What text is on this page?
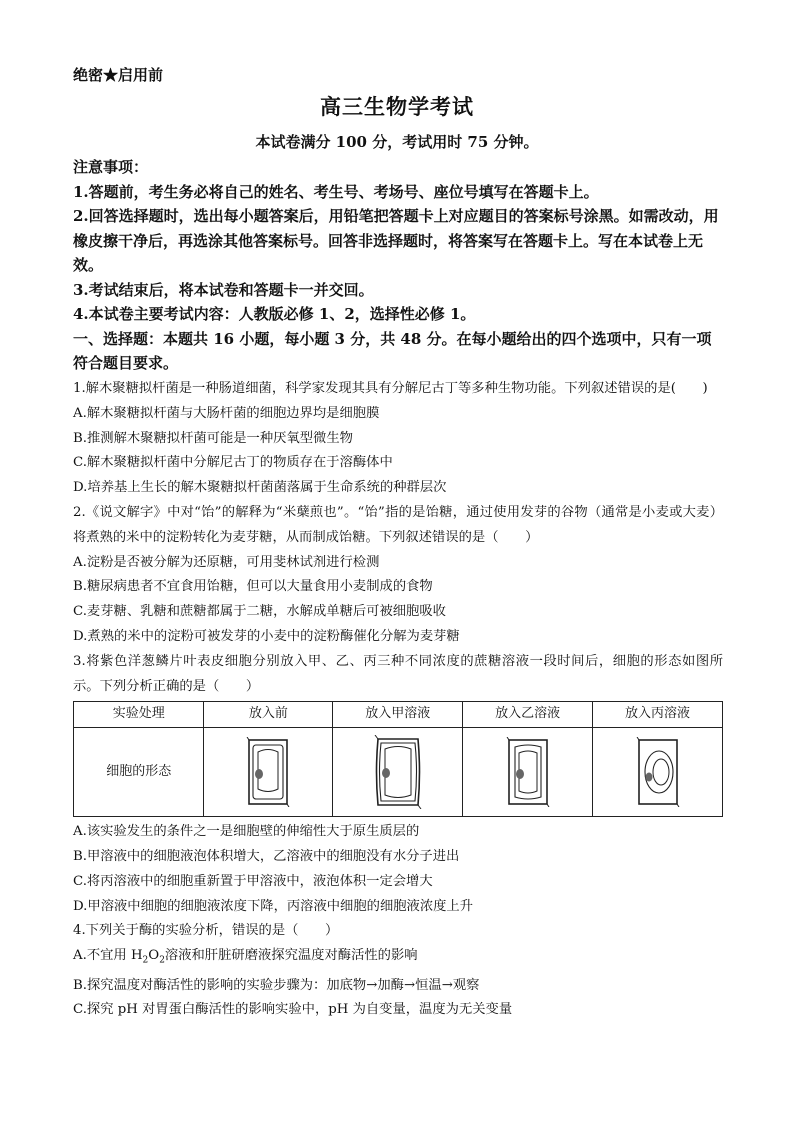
绝密★启用前
高三生物学考试
本试卷满分 100 分，考试用时 75 分钟。

注意事项：

1.答题前，考生务必将自己的姓名、考生号、考场号、座位号填写在答题卡上。

2.回答选择题时，选出每小题答案后，用铅笔把答题卡上对应题目的答案标号涂黑。如需改动，用橡皮擦干净后，再选涂其他答案标号。回答非选择题时，将答案写在答题卡上。写在本试卷上无效。

3.考试结束后，将本试卷和答题卡一并交回。

4.本试卷主要考试内容：人教版必修 1、2，选择性必修 1。

一、选择题：本题共 16 小题，每小题 3 分，共 48 分。在每小题给出的四个选项中，只有一项符合题目要求。

1.解木聚糖拟杆菌是一种肠道细菌，科学家发现其具有分解尼古丁等多种生物功能。下列叙述错误的是(　　)

A.解木聚糖拟杆菌与大肠杆菌的细胞边界均是细胞膜

B.推测解木聚糖拟杆菌可能是一种厌氧型微生物

C.解木聚糖拟杆菌中分解尼古丁的物质存在于溶酶体中

D.培养基上生长的解木聚糖拟杆菌菌落属于生命系统的种群层次

2.《说文解字》中对“饴”的解释为“米蘖煎也”。“饴”指的是饴糖，通过使用发芽的谷物（通常是小麦或大麦）将煮熟的米中的淀粉转化为麦芽糖，从而制成饴糖。下列叙述错误的是（　　）

A.淀粉是否被分解为还原糖，可用斐林试剂进行检测

B.糖尿病患者不宜食用饴糖，但可以大量食用小麦制成的食物

C.麦芽糖、乳糖和蔗糖都属于二糖，水解成单糖后可被细胞吸收

D.煮熟的米中的淀粉可被发芽的小麦中的淀粉酶催化分解为麦芽糖

3.将紫色洋葱鳞片叶表皮细胞分别放入甲、乙、丙三种不同浓度的蔗糖溶液一段时间后，细胞的形态如图所示。下列分析正确的是（　　）

实验处理	放入前	放入甲溶液	放入乙溶液	放入丙溶液
细胞的形态	

A.该实验发生的条件之一是细胞壁的伸缩性大于原生质层的

B.甲溶液中的细胞液泡体积增大，乙溶液中的细胞没有水分子进出

C.将丙溶液中的细胞重新置于甲溶液中，液泡体积一定会增大

D.甲溶液中细胞的细胞液浓度下降，丙溶液中细胞的细胞液浓度上升

4.下列关于酶的实验分析，错误的是（　　）

A.不宜用 $H_2O_2$溶液和肝脏研磨液探究温度对酶活性的影响

B.探究温度对酶活性的影响的实验步骤为：加底物→加酶→恒温→观察

C.探究 pH 对胃蛋白酶活性的影响实验中，pH 为自变量，温度为无关变量
